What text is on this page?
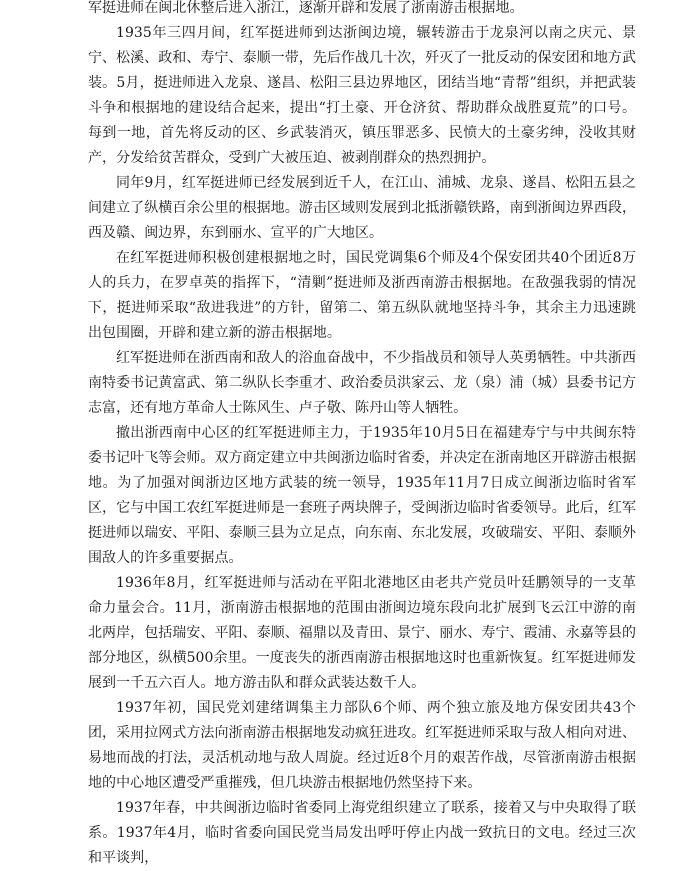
军挺进师在闽北休整后进入浙江，逐渐开辟和发展了浙南游击根据地。

1935年三四月间，红军挺进师到达浙闽边境，辗转游击于龙泉河以南之庆元、景宁、松溪、政和、寿宁、泰顺一带，先后作战几十次，歼灭了一批反动的保安团和地方武装。5月，挺进师进入龙泉、遂昌、松阳三县边界地区，团结当地“青帮”组织，并把武装斗争和根据地的建设结合起来，提出“打土豪、开仓济贫、帮助群众战胜夏荒”的口号。每到一地，首先将反动的区、乡武装消灭，镇压罪恶多、民愤大的土豪劣绅，没收其财产，分发给贫苦群众，受到广大被压迫、被剥削群众的热烈拥护。

同年9月，红军挺进师已经发展到近千人，在江山、浦城、龙泉、遂昌、松阳五县之间建立了纵横百余公里的根据地。游击区域则发展到北抵浙赣铁路，南到浙闽边界西段，西及赣、闽边界，东到丽水、宣平的广大地区。

在红军挺进师积极创建根据地之时，国民党调集6个师及4个保安团共40个团近8万人的兵力，在罗卓英的指挥下，“清剿”挺进师及浙西南游击根据地。在敌强我弱的情况下，挺进师采取“敌进我进”的方针，留第二、第五纵队就地坚持斗争，其余主力迅速跳出包围圈，开辟和建立新的游击根据地。

红军挺进师在浙西南和敌人的浴血奋战中，不少指战员和领导人英勇牺牲。中共浙西南特委书记黄富武、第二纵队长李重才、政治委员洪家云、龙（泉）浦（城）县委书记方志富，还有地方革命人士陈风生、卢子敬、陈丹山等人牺牲。

撤出浙西南中心区的红军挺进师主力，于1935年10月5日在福建寿宁与中共闽东特委书记叶飞等会师。双方商定建立中共闽浙边临时省委，并决定在浙南地区开辟游击根据地。为了加强对闽浙边区地方武装的统一领导，1935年11月7日成立闽浙边临时省军区，它与中国工农红军挺进师是一套班子两块牌子，受闽浙边临时省委领导。此后，红军挺进师以瑞安、平阳、泰顺三县为立足点，向东南、东北发展，攻破瑞安、平阳、泰顺外围敌人的许多重要据点。

1936年8月，红军挺进师与活动在平阳北港地区由老共产党员叶廷鹏领导的一支革命力量会合。11月，浙南游击根据地的范围由浙闽边境东段向北扩展到飞云江中游的南北两岸，包括瑞安、平阳、泰顺、福鼎以及青田、景宁、丽水、寿宁、霞浦、永嘉等县的部分地区，纵横500余里。一度丧失的浙西南游击根据地这时也重新恢复。红军挺进师发展到一千五六百人。地方游击队和群众武装达数千人。

1937年初，国民党刘建绪调集主力部队6个师、两个独立旅及地方保安团共43个团，采用拉网式方法向浙南游击根据地发动疯狂进攻。红军挺进师采取与敌人相向对进、易地而战的打法，灵活机动地与敌人周旋。经过近8个月的艰苦作战，尽管浙南游击根据地的中心地区遭受严重摧残，但几块游击根据地仍然坚持下来。

1937年春，中共闽浙边临时省委同上海党组织建立了联系，接着又与中央取得了联系。1937年4月，临时省委向国民党当局发出呼吁停止内战一致抗日的文电。经过三次和平谈判，
